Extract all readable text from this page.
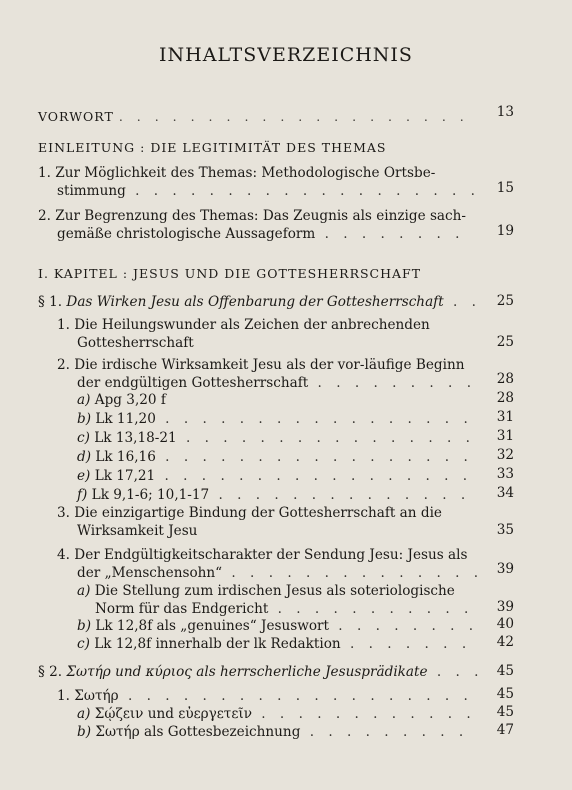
INHALTSVERZEICHNIS
VORWORT . . . . . . . . . . . . . . . . . . . . 13
EINLEITUNG : DIE LEGITIMITÄT DES THEMAS
1. Zur Möglichkeit des Themas: Methodologische Ortsbe-
stimmung . . . . . . . . . . . . . . . . . . . 15
2. Zur Begrenzung des Themas: Das Zeugnis als einzige sach-
gemäße christologische Aussageform . . . . . . . . 19
I. KAPITEL : JESUS UND DIE GOTTESHERRSCHAFT
§ 1. Das Wirken Jesu als Offenbarung der Gottesherrschaft . . 25
1. Die Heilungswunder als Zeichen der anbrechenden
Gottesherrschaft	25
2. Die irdische Wirksamkeit Jesu als der vor-läufige Beginn
der endgültigen Gottesherrschaft . . . . . . . . . 28
a) Apg 3,20 f	28
b) Lk 11,20 . . . . . . . . . . . . . . . . . 31
c) Lk 13,18-21 . . . . . . . . . . . . . . . . 31
d) Lk 16,16 . . . . . . . . . . . . . . . . . 32
e) Lk 17,21 . . . . . . . . . . . . . . . . . 33
f) Lk 9,1-6; 10,1-17 . . . . . . . . . . . . . . 34
3. Die einzigartige Bindung der Gottesherrschaft an die
Wirksamkeit Jesu	35
4. Der Endgültigkeitscharakter der Sendung Jesu: Jesus als
der „Menschensohn“ . . . . . . . . . . . . . . 39
a) Die Stellung zum irdischen Jesus als soteriologische
Norm für das Endgericht . . . . . . . . . . . 39
b) Lk 12,8f als „genuines“ Jesuswort . . . . . . . . 40
c) Lk 12,8f innerhalb der lk Redaktion . . . . . . . 42
§ 2. Σωτήρ und κύριος als herrscherliche Jesusprädikate . . . 45
1. Σωτήρ . . . . . . . . . . . . . . . . . . . 45
a) Σῴζειν und εὐεργετεῖν . . . . . . . . . . . . 45
b) Σωτήρ als Gottesbezeichnung . . . . . . . . . 47
